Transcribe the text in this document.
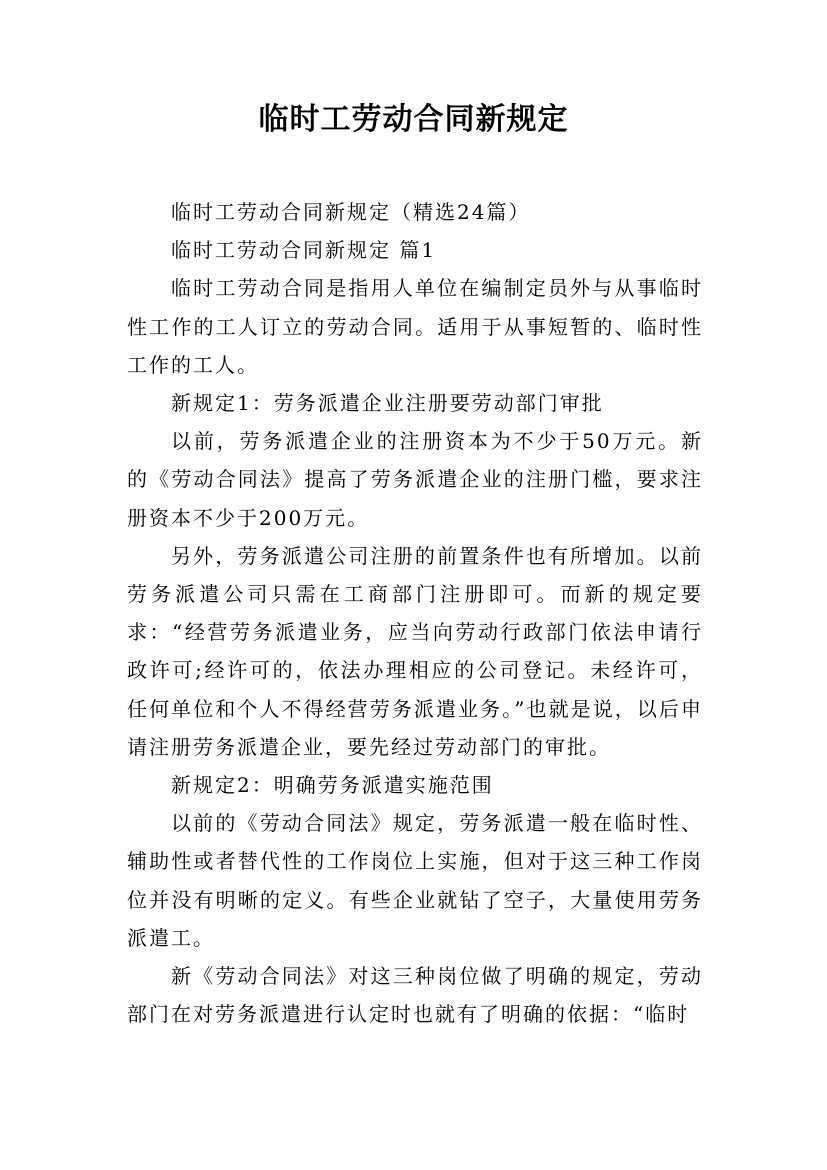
临时工劳动合同新规定

临时工劳动合同新规定（精选24篇）

临时工劳动合同新规定 篇1

临时工劳动合同是指用人单位在编制定员外与从事临时性工作的工人订立的劳动合同。适用于从事短暂的、临时性工作的工人。

新规定1：劳务派遣企业注册要劳动部门审批

以前，劳务派遣企业的注册资本为不少于50万元。新的《劳动合同法》提高了劳务派遣企业的注册门槛，要求注册资本不少于200万元。

另外，劳务派遣公司注册的前置条件也有所增加。以前劳务派遣公司只需在工商部门注册即可。而新的规定要求：“经营劳务派遣业务，应当向劳动行政部门依法申请行政许可;经许可的，依法办理相应的公司登记。未经许可，任何单位和个人不得经营劳务派遣业务。”也就是说，以后申请注册劳务派遣企业，要先经过劳动部门的审批。

新规定2：明确劳务派遣实施范围

以前的《劳动合同法》规定，劳务派遣一般在临时性、辅助性或者替代性的工作岗位上实施，但对于这三种工作岗位并没有明晰的定义。有些企业就钻了空子，大量使用劳务派遣工。

新《劳动合同法》对这三种岗位做了明确的规定，劳动部门在对劳务派遣进行认定时也就有了明确的依据：“临时
